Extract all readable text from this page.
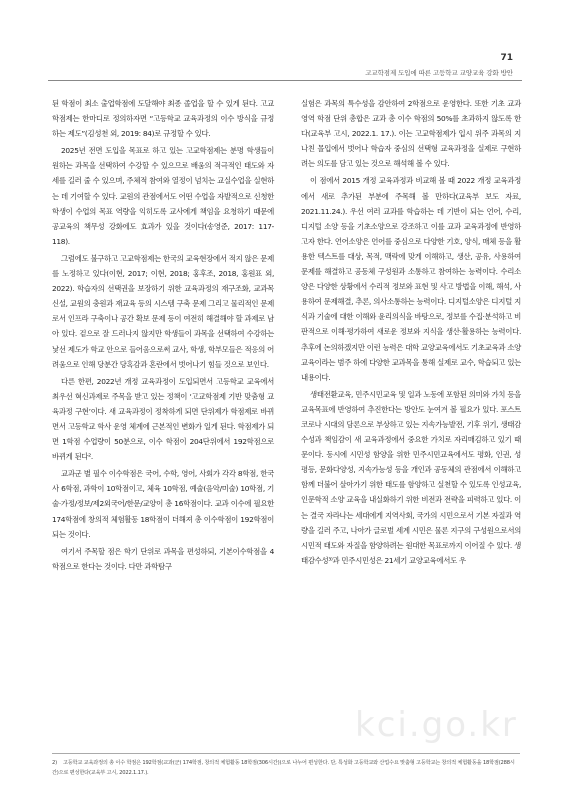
71
고교학점제 도입에 따른 고등학교 교양교육 강화 방안

된 학점이 최소 출업학점에 도달해야 최종 졸업을 할 수 있게 된다. 고교학점제는 한마디로 정의하자면 “고등학교 교육과정의 이수 방식을 규정하는 제도”(김성천 외, 2019: 84)로 규정할 수 있다.

2025년 전면 도입을 목표로 하고 있는 고교학점제는 분명 학생들이 원하는 과목을 선택하여 수강할 수 있으므로 배움의 적극적인 태도와 자세를 길러 줄 수 있으며, 주체적 참여와 열정이 넘치는 교실수업을 실현하는 데 기여할 수 있다. 교원의 관점에서도 어떤 수업을 자발적으로 신청한 학생이 수업의 목표 역량을 익히도록 교사에게 책임을 요청하기 때문에 공교육의 책무성 강화에도 효과가 있을 것이다(송영준, 2017: 117-118).

그럼에도 불구하고 고교학점제는 한국의 교육현장에서 적지 않은 문제를 노정하고 있다(이현, 2017; 이현, 2018; 홍후조, 2018, 홍원표 외, 2022). 학습자의 선택권을 보장하기 위한 교육과정의 재구조화, 교과목 신설, 교원의 충원과 재교육 등의 시스템 구축 문제 그리고 물리적인 문제로서 인프라 구축이나 공간 확보 문제 등이 여전히 해결해야 할 과제로 남아 있다. 겉으로 잘 드러나지 않지만 학생들이 과목을 선택하여 수강하는 낯선 제도가 학교 안으로 들어옴으로써 교사, 학생, 학부모들은 적응의 어려움으로 인해 당분간 당혹감과 혼란에서 벗어나기 힘들 것으로 보인다.

다른 한편, 2022년 개정 교육과정이 도입되면서 고등학교 교육에서 최우선 혁신과제로 주목을 받고 있는 정책이 ‘고교학점제 기반 맞춤형 교육과정 구현’이다. 새 교육과정이 정착하게 되면 단위제가 학점제로 바뀌면서 고등학교 학사 운영 체계에 근본적인 변화가 일게 된다. 학점제가 되면 1학점 수업량이 50분으로, 이수 학점이 204단위에서 192학점으로 바뀌게 된다².

교과군 별 필수 이수학점은 국어, 수학, 영어, 사회가 각각 8학점, 한국사 6학점, 과학이 10학점이고, 체육 10학점, 예술(음악/미술) 10학점, 기술·가정/정보/제2외국어/한문/교양이 총 16학점이다. 교과 이수에 필요한 174학점에 창의적 체험활동 18학점이 더해져 총 이수학점이 192학점이 되는 것이다.

여기서 주목할 점은 학기 단위로 과목을 편성하되, 기본이수학점을 4학점으로 한다는 것이다. 다만 과학탐구

실험은 과목의 특수성을 감안하여 2학점으로 운영한다. 또한 기초 교과 영역 학점 단위 총합은 교과 총 이수 학점의 50%를 초과하지 않도록 한다(교육부 고시, 2022.1. 17.). 이는 고교학점제가 입시 위주 과목의 지나친 몰입에서 벗어나 학습자 중심의 선택형 교육과정을 실제로 구현하려는 의도를 담고 있는 것으로 해석해 볼 수 있다.

이 점에서 2015 개정 교육과정과 비교해 볼 때 2022 개정 교육과정에서 새로 추가된 부분에 주목해 볼 만하다(교육부 보도 자료, 2021.11.24.). 우선 여러 교과를 학습하는 데 기반이 되는 언어, 수리, 디지털 소양 등을 기초소양으로 강조하고 이를 교과 교육과정에 반영하고자 한다. 언어소양은 언어를 중심으로 다양한 기호, 양식, 매체 등을 활용한 텍스트를 대상, 목적, 맥락에 맞게 이해하고, 생산, 공유, 사용하여 문제를 해결하고 공동체 구성원과 소통하고 참여하는 능력이다. 수리소양은 다양한 상황에서 수리적 정보와 표현 및 사고 방법을 이해, 해석, 사용하여 문제해결, 추론, 의사소통하는 능력이다. 디지털소양은 디지털 지식과 기술에 대한 이해와 윤리의식을 바탕으로, 정보를 수집·분석하고 비판적으로 이해·평가하여 새로운 정보와 지식을 생산·활용하는 능력이다. 추후에 논의하겠지만 이런 능력은 대학 교양교육에서도 기초교육과 소양교육이라는 범주 하에 다양한 교과목을 통해 실제로 교수, 학습되고 있는 내용이다.

생태전환교육, 민주시민교육 및 일과 노동에 포함된 의미와 가치 등을 교육목표에 반영하여 추진한다는 방안도 눈여겨 볼 필요가 있다. 포스트코로나 시대의 담론으로 부상하고 있는 지속가능발전, 기후 위기, 생태감수성과 책임감이 새 교육과정에서 중요한 가치로 자리매김하고 있기 때문이다. 동시에 시민성 함양을 위한 민주시민교육에서도 평화, 인권, 성평등, 문화다양성, 지속가능성 등을 개인과 공동체의 관점에서 이해하고 함께 더불어 살아가기 위한 태도를 함양하고 실천할 수 있도록 인성교육, 인문학적 소양 교육을 내실화하기 위한 비전과 전략을 피력하고 있다. 이는 결국 자라나는 세대에게 지역사회, 국가의 시민으로서 기본 자질과 역량을 길러 주고, 나아가 글로벌 세계 시민은 물론 지구의 구성원으로서의 시민적 태도와 자질을 함양하려는 원대한 목표로까지 이어질 수 있다. 생태감수성³⁾과 민주시민성은 21세기 교양교육에서도 우

kci.go.kr
2) 고등학교 교육과정의 총 이수 학점은 192학점(교과(군) 174학점, 창의적 체험활동 18학점(306시간))으로 나누어 편성한다. 단, 특성화 고등학교와 산업수요 맞춤형 고등학교는 창의적 체험활동을 18학점(288시간)으로 편성한다(교육부 고시, 2022.1.17.).
